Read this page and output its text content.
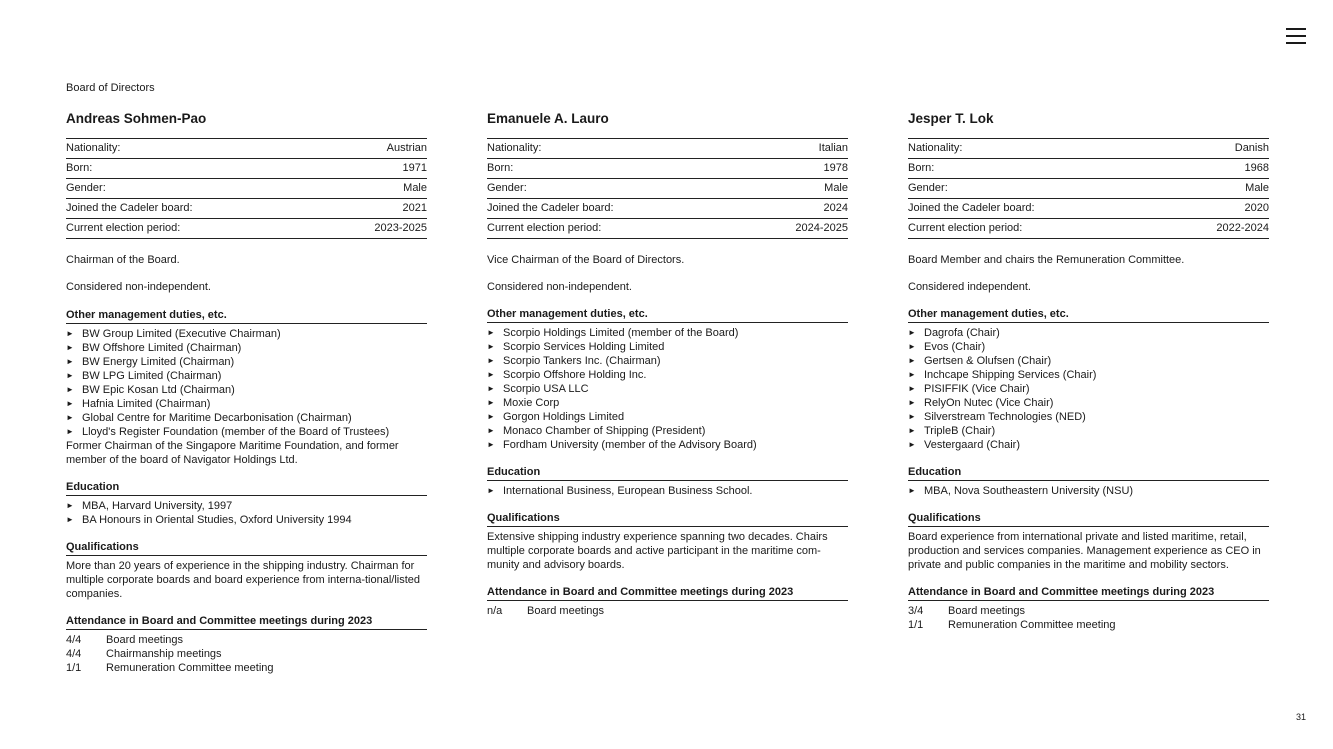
Board of Directors
31
Andreas Sohmen-Pao
Nationality:	Austrian
Born:	1971
Gender:	Male
Joined the Cadeler board:	2021
Current election period:	2023-2025
Chairman of the Board.
Considered non-independent.
Other management duties, etc.
► BW Group Limited (Executive Chairman)
► BW Offshore Limited (Chairman)
► BW Energy Limited (Chairman)
► BW LPG Limited (Chairman)
► BW Epic Kosan Ltd (Chairman)
► Hafnia Limited (Chairman)
► Global Centre for Maritime Decarbonisation (Chairman)
► Lloyd's Register Foundation (member of the Board of Trustees)
Former Chairman of the Singapore Maritime Foundation, and former member of the board of Navigator Holdings Ltd.
Education
► MBA, Harvard University, 1997
► BA Honours in Oriental Studies, Oxford University 1994
Qualifications
More than 20 years of experience in the shipping industry. Chairman for multiple corporate boards and board experience from interna-tional/listed companies.
Attendance in Board and Committee meetings during 2023
4/4	Board meetings
4/4	Chairmanship meetings
1/1	Remuneration Committee meeting
Emanuele A. Lauro
Nationality:	Italian
Born:	1978
Gender:	Male
Joined the Cadeler board:	2024
Current election period:	2024-2025
Vice Chairman of the Board of Directors.
Considered non-independent.
Other management duties, etc.
► Scorpio Holdings Limited (member of the Board)
► Scorpio Services Holding Limited
► Scorpio Tankers Inc. (Chairman)
► Scorpio Offshore Holding Inc.
► Scorpio USA LLC
► Moxie Corp
► Gorgon Holdings Limited
► Monaco Chamber of Shipping (President)
► Fordham University (member of the Advisory Board)
Education
► International Business, European Business School.
Qualifications
Extensive shipping industry experience spanning two decades. Chairs multiple corporate boards and active participant in the maritime com-munity and advisory boards.
Attendance in Board and Committee meetings during 2023
n/a	Board meetings
Jesper T. Lok
Nationality:	Danish
Born:	1968
Gender:	Male
Joined the Cadeler board:	2020
Current election period:	2022-2024
Board Member and chairs the Remuneration Committee.
Considered independent.
Other management duties, etc.
► Dagrofa (Chair)
► Evos (Chair)
► Gertsen & Olufsen (Chair)
► Inchcape Shipping Services (Chair)
► PISIFFIK (Vice Chair)
► RelyOn Nutec (Vice Chair)
► Silverstream Technologies (NED)
► TripleB (Chair)
► Vestergaard (Chair)
Education
► MBA, Nova Southeastern University (NSU)
Qualifications
Board experience from international private and listed maritime, retail, production and services companies. Management experience as CEO in private and public companies in the maritime and mobility sectors.
Attendance in Board and Committee meetings during 2023
3/4	Board meetings
1/1	Remuneration Committee meeting
